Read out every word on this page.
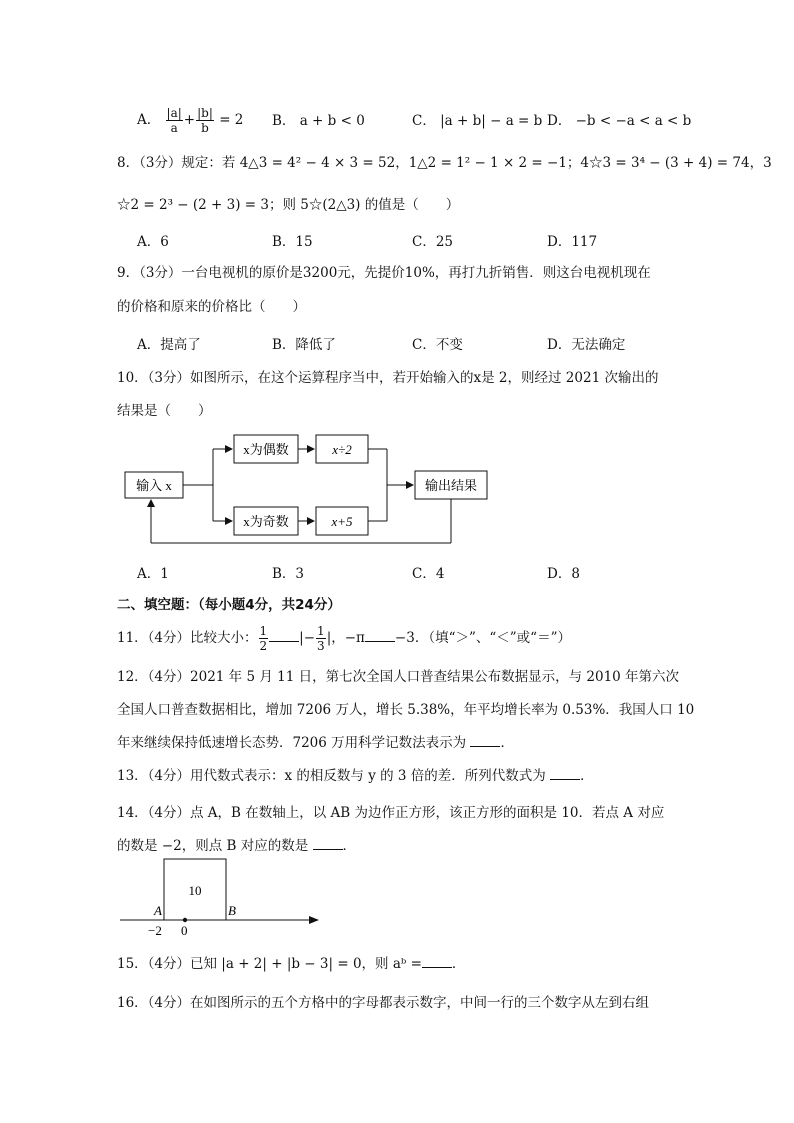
A． $\frac{|a|}{a} + \frac{|b|}{b} = 2$ B． a + b < 0	C． |a + b| − a = b D． −b < −a < a < b
8．（3分）规定：若 4△3 = 4² − 4 × 3 = 52，1△2 = 1² − 1 × 2 = −1；4☆3 = 3⁴ − (3 + 4) = 74，3
☆2 = 2³ − (2 + 3) = 3；则 5☆(2△3) 的值是（　　）
A．6	B．15	C．25	D．117
9．（3分）一台电视机的原价是3200元，先提价10%，再打九折销售．则这台电视机现在
的价格和原来的价格比（　　）
A．提高了	B．降低了	C．不变	D．无法确定
10．（3分）如图所示，在这个运算程序当中，若开始输入的x是 2，则经过 2021 次输出的
结果是（　　）
输入 x
x为偶数
x为奇数
x÷2
x+5
输出结果
A．1	B．3	C．4	D．8
二、填空题：（每小题4分，共24分）
11．（4分）比较大小： $\frac{1}{2}$ |− $\frac{1}{3}$ |，−π −3．（填“＞”、“＜”或“＝”）
12．（4分）2021 年 5 月 11 日，第七次全国人口普查结果公布数据显示，与 2010 年第六次
全国人口普查数据相比，增加 7206 万人，增长 5.38%，年平均增长率为 0.53%．我国人口 10
年来继续保持低速增长态势．7206 万用科学记数法表示为	．
13．（4分）用代数式表示：x 的相反数与 y 的 3 倍的差．所列代数式为	．
14．（4分）点 A，B 在数轴上，以 AB 为边作正方形，该正方形的面积是 10．若点 A 对应
的数是 −2，则点 B 对应的数是	．
10
A	B
−2 0
15．（4分）已知 |a + 2| + |b − 3| = 0，则 aᵇ = ．
16．（4分）在如图所示的五个方格中的字母都表示数字，中间一行的三个数字从左到右组
